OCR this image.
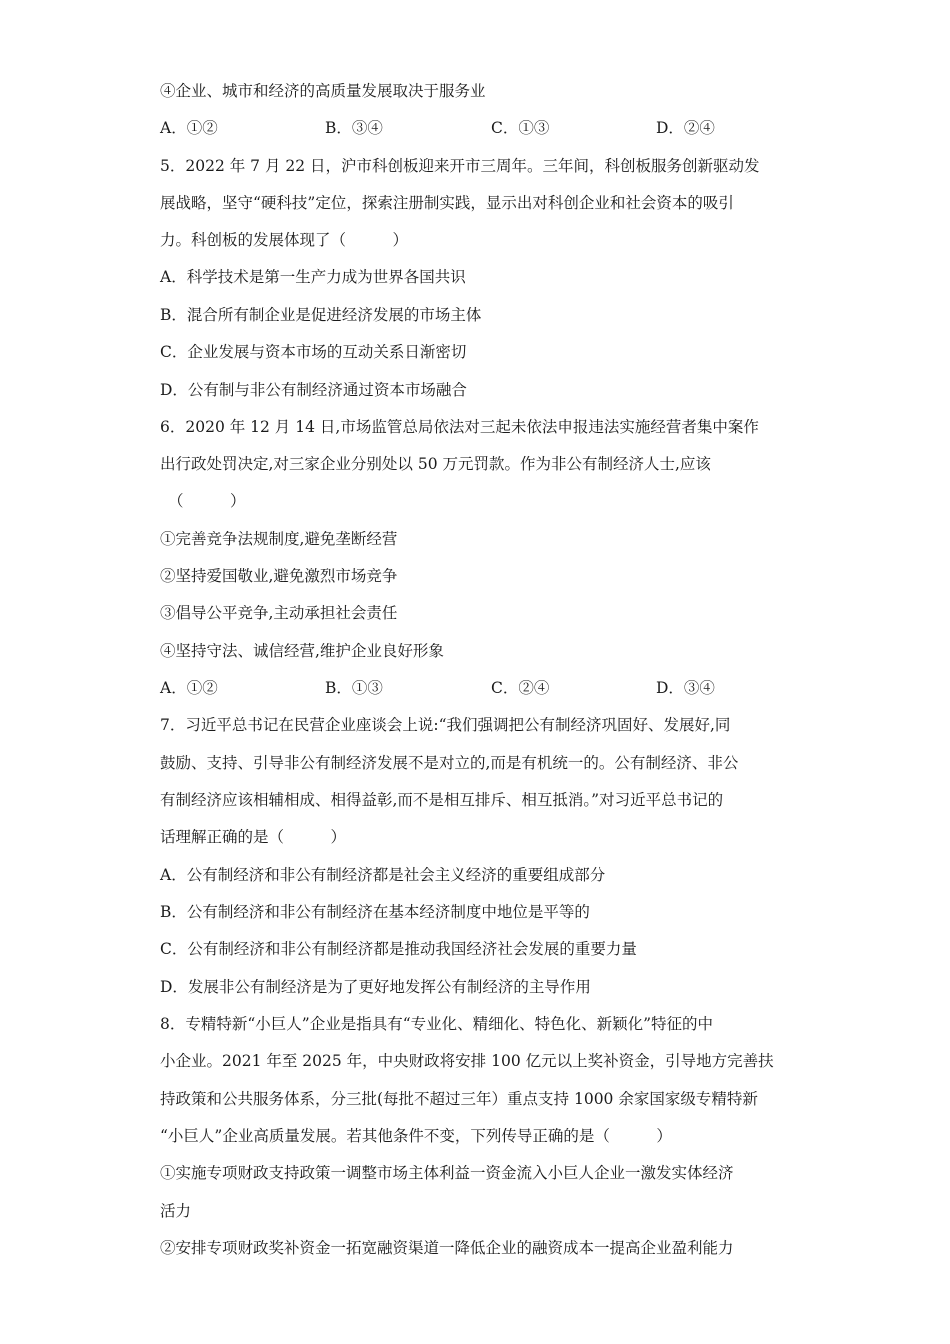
④企业、城市和经济的高质量发展取决于服务业
A．①②	B．③④	C．①③	D．②④
5．2022 年 7 月 22 日，沪市科创板迎来开市三周年。三年间，科创板服务创新驱动发
展战略，坚守“硬科技”定位，探索注册制实践，显示出对科创企业和社会资本的吸引
力。科创板的发展体现了（　　　）
A．科学技术是第一生产力成为世界各国共识
B．混合所有制企业是促进经济发展的市场主体
C．企业发展与资本市场的互动关系日渐密切
D．公有制与非公有制经济通过资本市场融合
6．2020 年 12 月 14 日,市场监管总局依法对三起未依法申报违法实施经营者集中案作
出行政处罚决定,对三家企业分别处以 50 万元罚款。作为非公有制经济人士,应该
（　　　）
①完善竞争法规制度,避免垄断经营
②坚持爱国敬业,避免激烈市场竞争
③倡导公平竞争,主动承担社会责任
④坚持守法、诚信经营,维护企业良好形象
A．①②	B．①③	C．②④	D．③④
7．习近平总书记在民营企业座谈会上说:“我们强调把公有制经济巩固好、发展好,同
鼓励、支持、引导非公有制经济发展不是对立的,而是有机统一的。公有制经济、非公
有制经济应该相辅相成、相得益彰,而不是相互排斥、相互抵消。”对习近平总书记的
话理解正确的是（　　　）
A．公有制经济和非公有制经济都是社会主义经济的重要组成部分
B．公有制经济和非公有制经济在基本经济制度中地位是平等的
C．公有制经济和非公有制经济都是推动我国经济社会发展的重要力量
D．发展非公有制经济是为了更好地发挥公有制经济的主导作用
8．专精特新“小巨人”企业是指具有“专业化、精细化、特色化、新颖化”特征的中
小企业。2021 年至 2025 年，中央财政将安排 100 亿元以上奖补资金，引导地方完善扶
持政策和公共服务体系，分三批(每批不超过三年）重点支持 1000 余家国家级专精特新
“小巨人”企业高质量发展。若其他条件不变，下列传导正确的是（　　　）
①实施专项财政支持政策一调整市场主体利益一资金流入小巨人企业一激发实体经济
活力
②安排专项财政奖补资金一拓宽融资渠道一降低企业的融资成本一提高企业盈利能力
